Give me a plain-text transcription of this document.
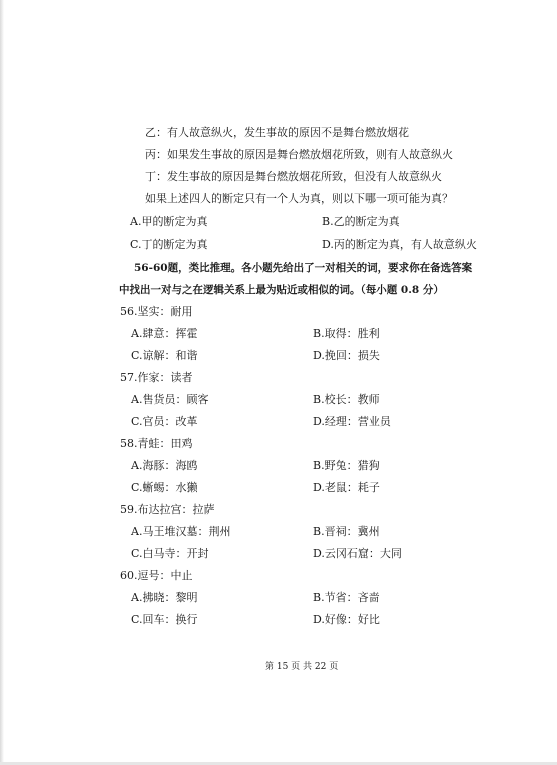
乙：有人故意纵火，发生事故的原因不是舞台燃放烟花
丙：如果发生事故的原因是舞台燃放烟花所致，则有人故意纵火
丁：发生事故的原因是舞台燃放烟花所致，但没有人故意纵火
如果上述四人的断定只有一个人为真，则以下哪一项可能为真？
A.甲的断定为真	B.乙的断定为真
C.丁的断定为真	D.丙的断定为真，有人故意纵火
56-60题，类比推理。各小题先给出了一对相关的词，要求你在备选答案
中找出一对与之在逻辑关系上最为贴近或相似的词。（每小题 0.8 分）
56.坚实：耐用
A.肆意：挥霍	B.取得：胜利
C.谅解：和谐	D.挽回：损失
57.作家：读者
A.售货员：顾客	B.校长：教师
C.官员：改革	D.经理：营业员
58.青蛙：田鸡
A.海豚：海鸥	B.野兔：猎狗
C.蜥蜴：水獭	D.老鼠：耗子
59.布达拉宫：拉萨
A.马王堆汉墓：荆州	B.晋祠：冀州
C.白马寺：开封	D.云冈石窟：大同
60.逗号：中止
A.拂晓：黎明	B.节省：吝啬
C.回车：换行	D.好像：好比
第 15 页 共 22 页
